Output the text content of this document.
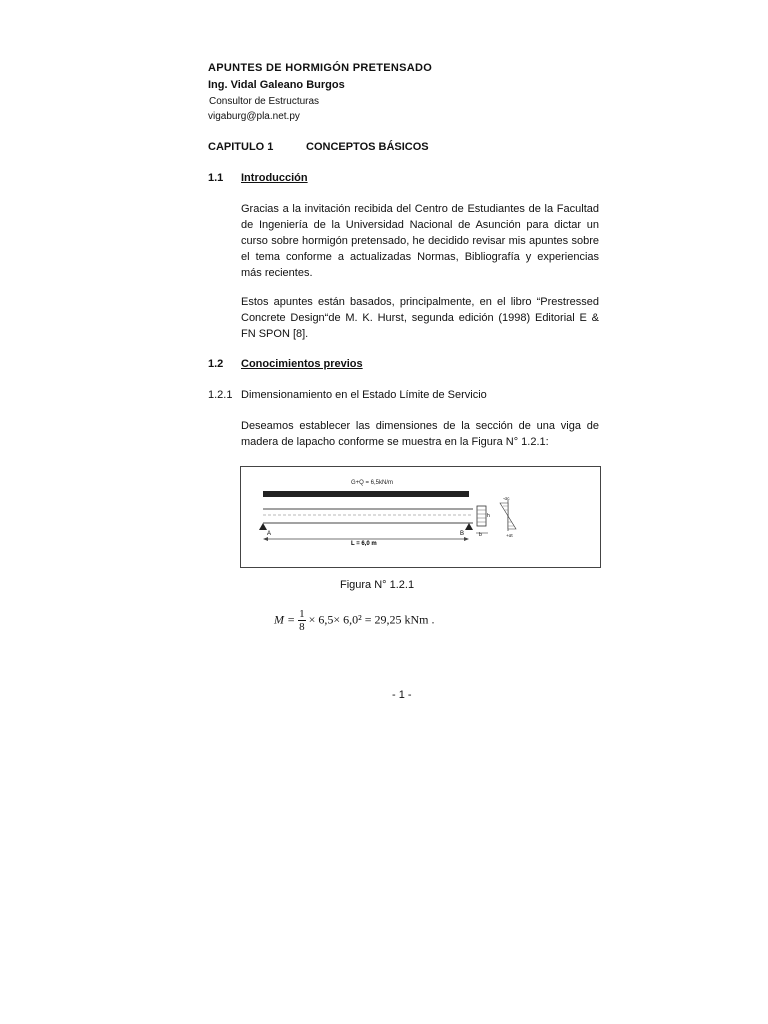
APUNTES DE HORMIGÓN PRETENSADO
Ing. Vidal Galeano Burgos
Consultor de Estructuras
vigaburg@pla.net.py
CAPITULO 1	CONCEPTOS BÁSICOS
1.1 Introducción
Gracias a la invitación recibida del Centro de Estudiantes de la Facultad de Ingeniería de la Universidad Nacional de Asunción para dictar un curso sobre hormigón pretensado, he decidido revisar mis apuntes sobre el tema conforme a actualizadas Normas, Bibliografía y experiencias más recientes.
Estos apuntes están basados, principalmente, en el libro “Prestressed Concrete Design“de M. K. Hurst, segunda edición (1998) Editorial E & FN SPON [8].
1.2 Conocimientos previos
1.2.1 Dimensionamiento en el Estado Límite de Servicio
Deseamos establecer las dimensiones de la sección de una viga de madera de lapacho conforme se muestra en la Figura N° 1.2.1:
G+Q = 6,5kN/m
A	B
L = 6,0 m
h
b
-σc
+σt
Figura N° 1.2.1
$M = \frac{1}{8} \times 6,5\times 6,0^2 = 29,25$ kNm .
- 1 -
